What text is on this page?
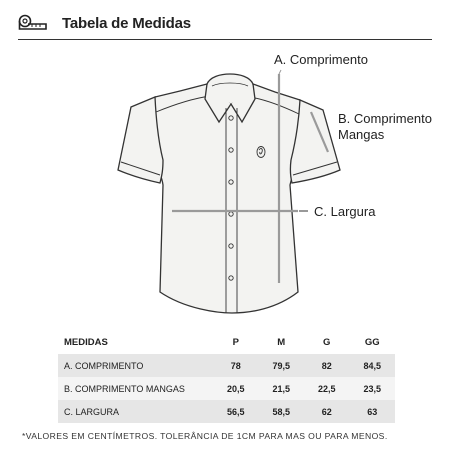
Tabela de Medidas
A. Comprimento
B. Comprimento
Mangas
C. Largura
MEDIDAS	P	M	G	GG
A. COMPRIMENTO	78	79,5	82	84,5
B. COMPRIMENTO MANGAS	20,5	21,5	22,5	23,5
C. LARGURA	56,5	58,5	62	63
*VALORES EM CENTÍMETROS. TOLERÂNCIA DE 1CM PARA MAS OU PARA MENOS.
